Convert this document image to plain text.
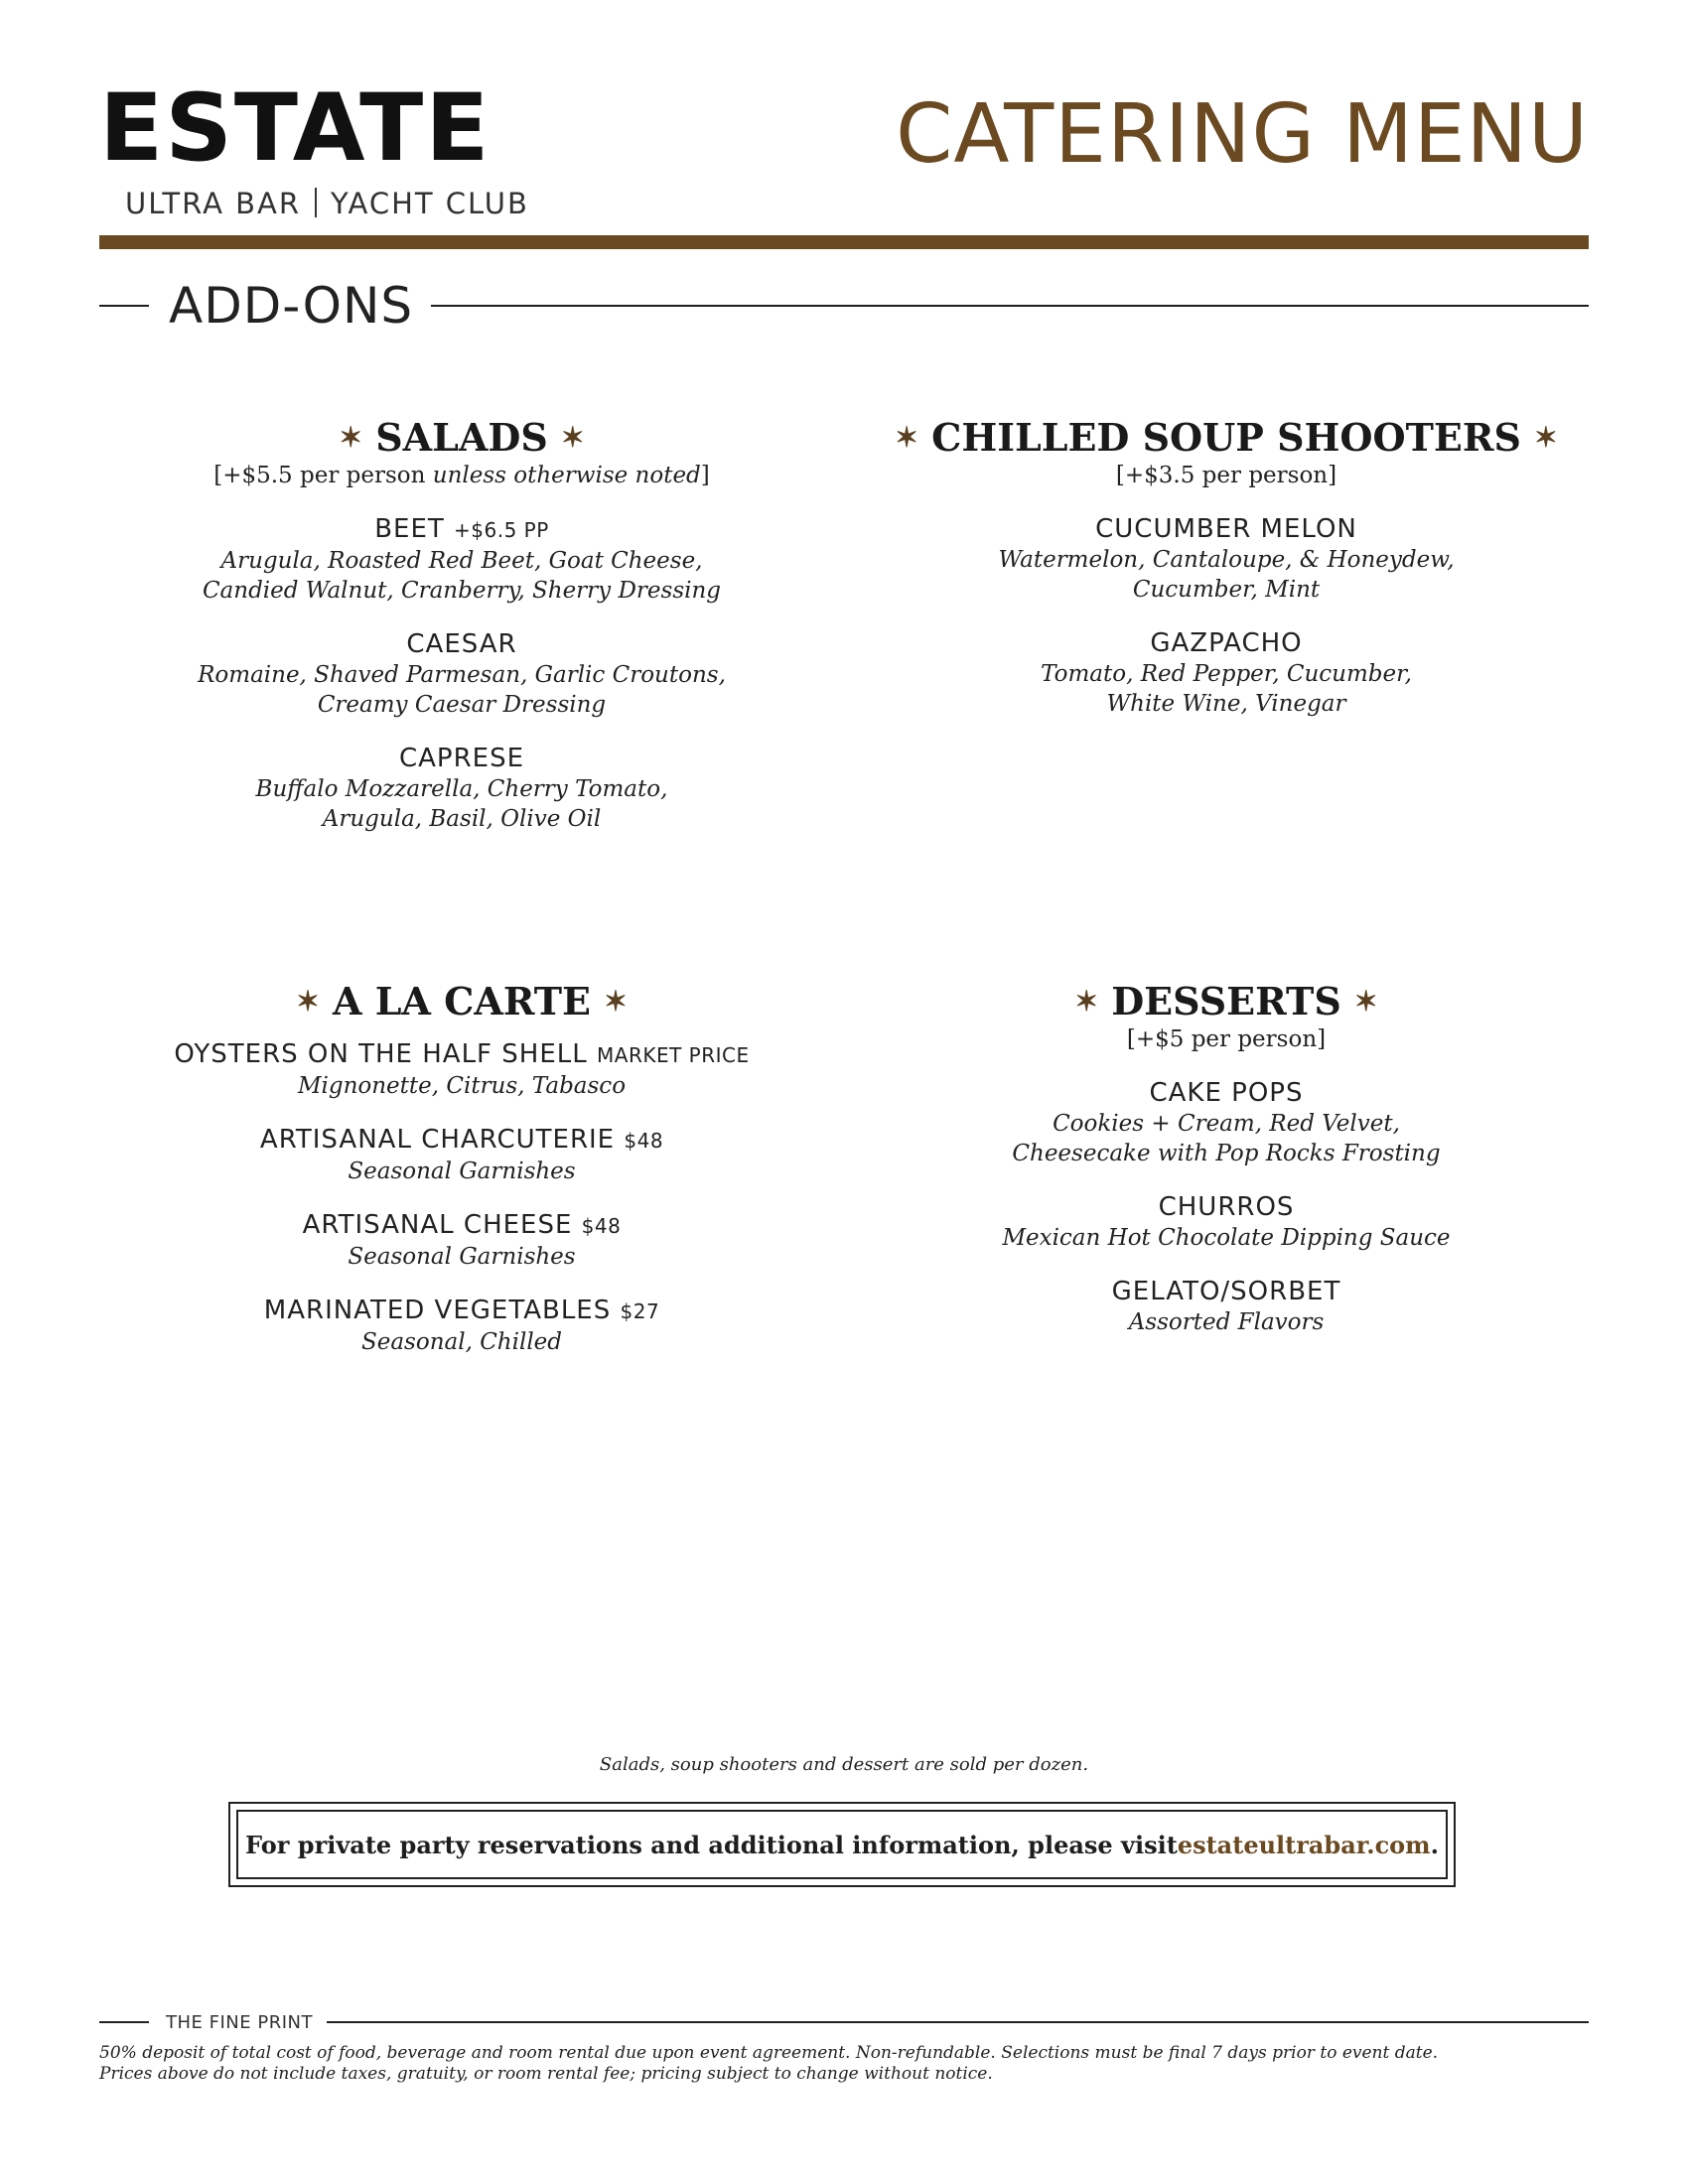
ESTATE
ULTRA BAR YACHT CLUB
CATERING MENU
ADD-ONS
✶ SALADS ✶
[+$5.5 per person unless otherwise noted]
BEET +$6.5 PP
Arugula, Roasted Red Beet, Goat Cheese,
Candied Walnut, Cranberry, Sherry Dressing
CAESAR
Romaine, Shaved Parmesan, Garlic Croutons,
Creamy Caesar Dressing
CAPRESE
Buffalo Mozzarella, Cherry Tomato,
Arugula, Basil, Olive Oil
✶ CHILLED SOUP SHOOTERS ✶
[+$3.5 per person]
CUCUMBER MELON
Watermelon, Cantaloupe, & Honeydew,
Cucumber, Mint
GAZPACHO
Tomato, Red Pepper, Cucumber,
White Wine, Vinegar
✶ A LA CARTE ✶
OYSTERS ON THE HALF SHELL MARKET PRICE
Mignonette, Citrus, Tabasco
ARTISANAL CHARCUTERIE $48
Seasonal Garnishes
ARTISANAL CHEESE $48
Seasonal Garnishes
MARINATED VEGETABLES $27
Seasonal, Chilled
✶ DESSERTS ✶
[+$5 per person]
CAKE POPS
Cookies + Cream, Red Velvet,
Cheesecake with Pop Rocks Frosting
CHURROS
Mexican Hot Chocolate Dipping Sauce
GELATO/SORBET
Assorted Flavors
Salads, soup shooters and dessert are sold per dozen.
For private party reservations and additional information, please visit estateultrabar.com .
THE FINE PRINT
50% deposit of total cost of food, beverage and room rental due upon event agreement. Non-refundable. Selections must be final 7 days prior to event date.
Prices above do not include taxes, gratuity, or room rental fee; pricing subject to change without notice.
